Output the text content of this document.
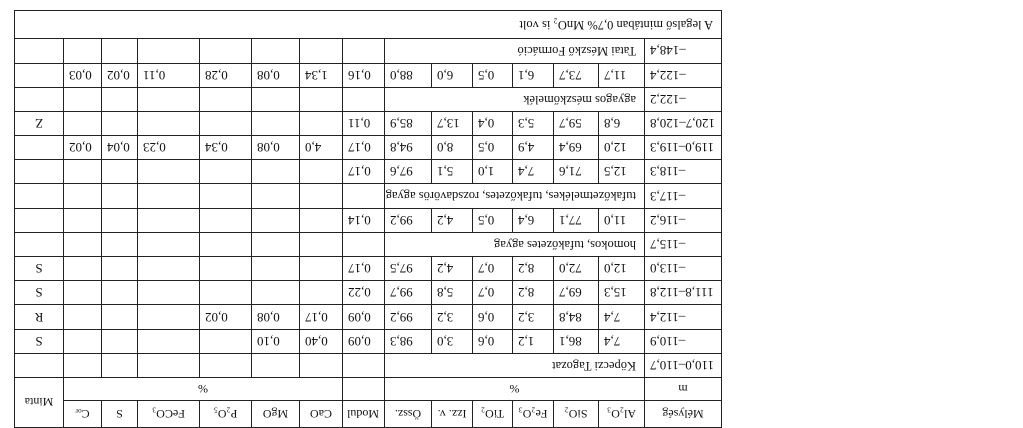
Mélység	Al₂O₃	SiO₂	Fe₂O₃	TiO₂	Izz. v.	Össz.	Modul	CaO	MgO	P₂O₅	FeCO₃	S	Cₒᵣ	Minta
m	%							%						
110,0–110,7	Köpeczi Tagozat													
–110,9	7,4	86,1	1,2	0,6	3,0	98,3	0,09	0,40	0,10					S
–112,4	7,4	84,8	3,2	0,6	3,2	99,2	0,09	0,17	0,08	0,02				R
111,8–112,8	15,3	69,7	8,2	0,7	5,8	99,7	0,22							S
–113,0	12,0	72,0	8,2	0,7	4,2	97,5	0,17							S
–115,7	homokos, tufakőzetes agyag													
–116,2	11,0	77,1	6,4	0,5	4,2	99,2	0,14							
–117,3	tufakőzetmelékes, tufakőzetes, rozsdavörös agyag													
–118,3	12,5	71,6	7,4	1,0	5,1	97,6	0,17							
119,0–119,3	12,0	69,4	4,9	0,5	8,0	94,8	0,17	4,0	0,08	0,34	0,23	0,04	0,02	
120,7–120,8	6,8	59,7	5,3	0,4	13,7	85,9	0,11							Z
–122,2	agyagos mészkőmelék													
–122,4	11,7	73,7	6,1	0,5	6,0	88,0	0,16	1,34	0,08	0,28	0,11	0,02	0,03	
–148,4	Tatai Mészkő Formáció													
A legalső mintában 0,7% MnO₂ is volt														
